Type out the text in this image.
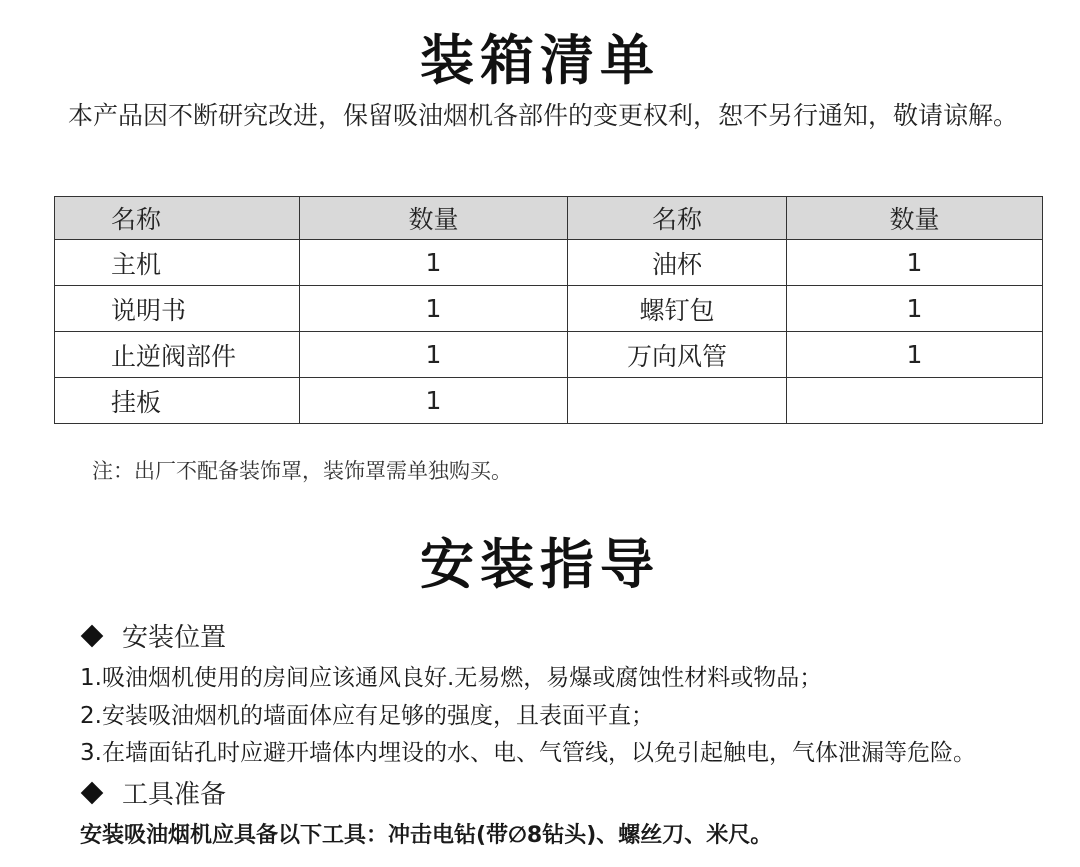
装箱清单
本产品因不断研究改进，保留吸油烟机各部件的变更权利，恕不另行通知，敬请谅解。
名称	数量	名称	数量
主机	1	油杯	1
说明书	1	螺钉包	1
止逆阀部件	1	万向风管	1
挂板	1		
注：出厂不配备装饰罩，装饰罩需单独购买。
安装指导
安装位置
1.吸油烟机使用的房间应该通风良好.无易燃，易爆或腐蚀性材料或物品；
2.安装吸油烟机的墙面体应有足够的强度，且表面平直；
3.在墙面钻孔时应避开墙体内埋设的水、电、气管线，以免引起触电，气体泄漏等危险。
工具准备
安装吸油烟机应具备以下工具：冲击电钻(带∅8钻头)、螺丝刀、米尺。
